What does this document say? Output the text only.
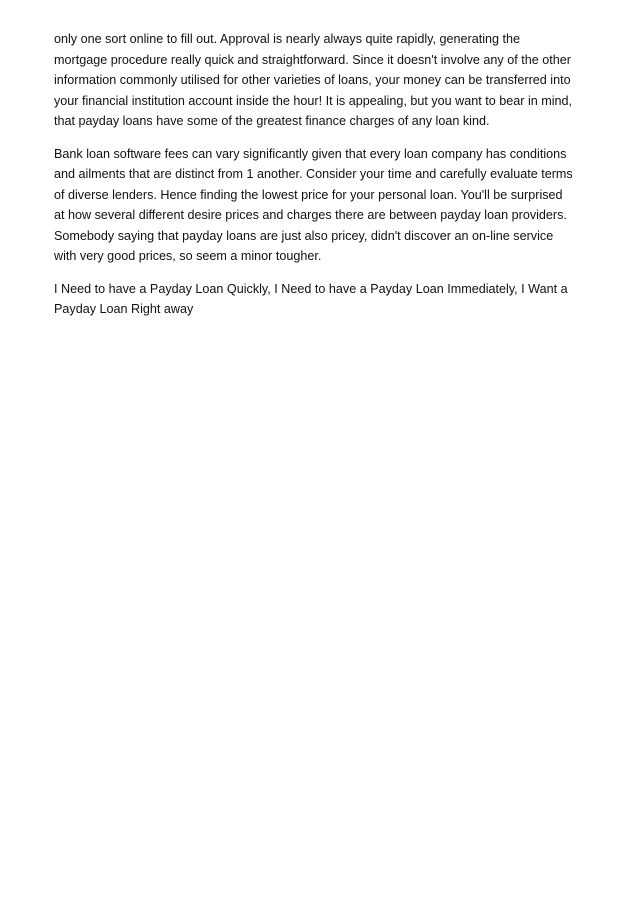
only one sort online to fill out. Approval is nearly always quite rapidly, generating the
mortgage procedure really quick and straightforward. Since it doesn't involve any of the other
information commonly utilised for other varieties of loans, your money can be transferred into
your financial institution account inside the hour! It is appealing, but you want to bear in mind,
that payday loans have some of the greatest finance charges of any loan kind.

Bank loan software fees can vary significantly given that every loan company has conditions
and ailments that are distinct from 1 another. Consider your time and carefully evaluate terms
of diverse lenders. Hence finding the lowest price for your personal loan. You'll be surprised
at how several different desire prices and charges there are between payday loan providers.
Somebody saying that payday loans are just also pricey, didn't discover an on-line service
with very good prices, so seem a minor tougher.

I Need to have a Payday Loan Quickly, I Need to have a Payday Loan Immediately, I Want a
Payday Loan Right away
